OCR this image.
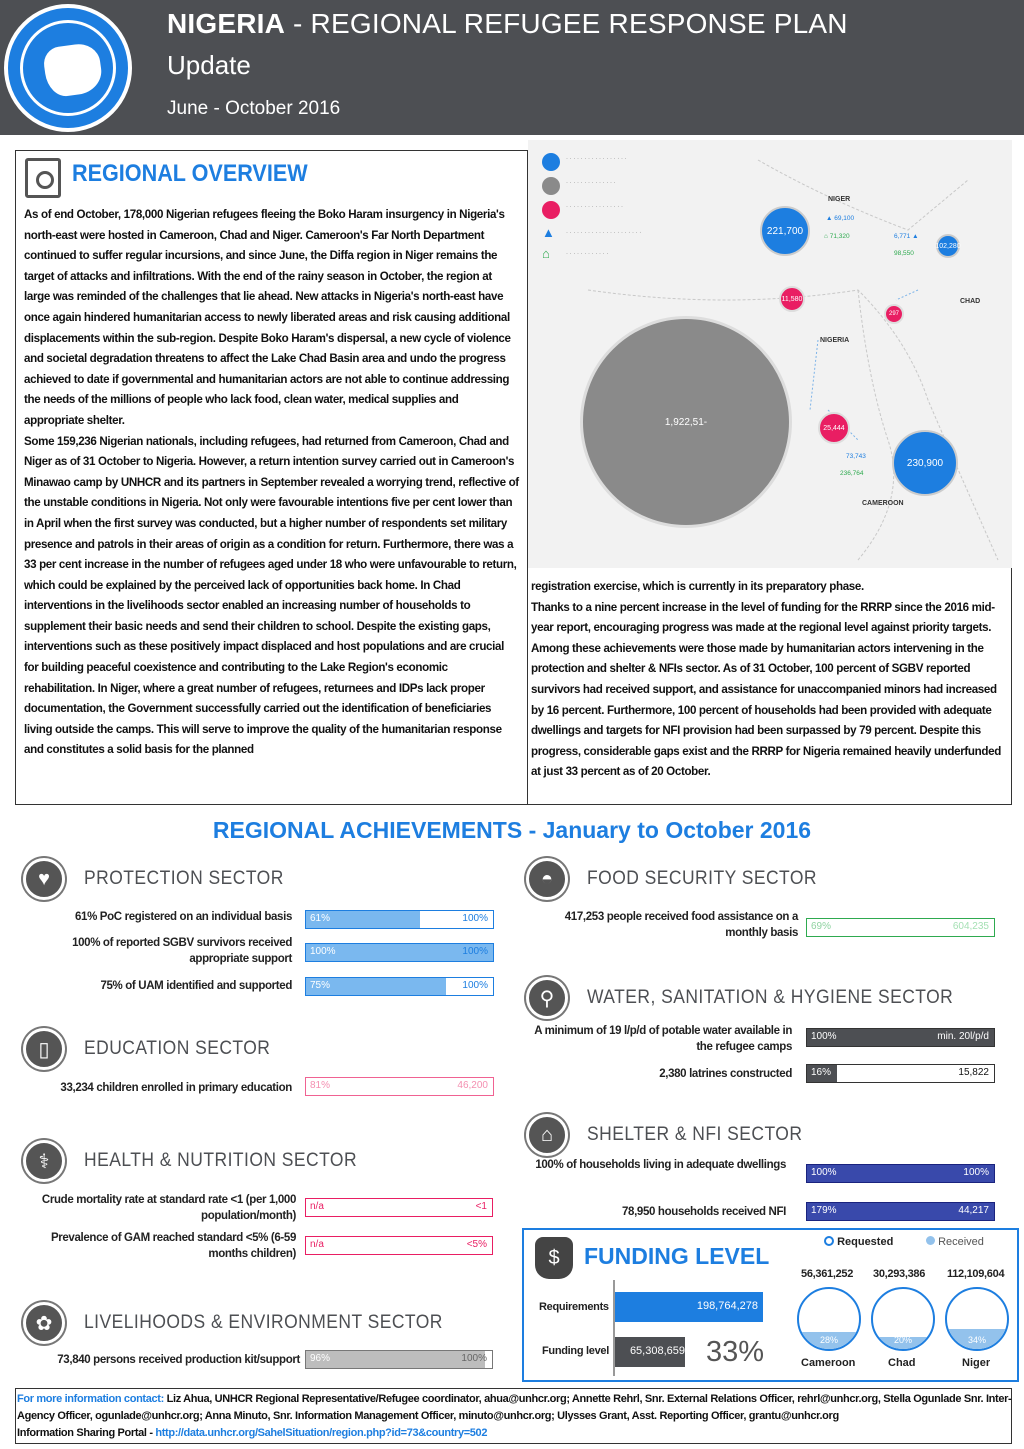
NIGERIA - REGIONAL REFUGEE RESPONSE PLAN
Update
June - October 2016
REGIONAL OVERVIEW
As of end October, 178,000 Nigerian refugees fleeing the Boko Haram insurgency in Nigeria's north-east were hosted in Cameroon, Chad and Niger. Cameroon's Far North Department continued to suffer regular incursions, and since June, the Diffa region in Niger remains the target of attacks and infiltrations. With the end of the rainy season in October, the region at large was reminded of the challenges that lie ahead. New attacks in Nigeria's north-east have once again hindered humanitarian access to newly liberated areas and risk causing additional displacements within the sub-region. Despite Boko Haram's dispersal, a new cycle of violence and societal degradation threatens to affect the Lake Chad Basin area and undo the progress achieved to date if governmental and humanitarian actors are not able to continue addressing the needs of the millions of people who lack food, clean water, medical supplies and appropriate shelter.
Some 159,236 Nigerian nationals, including refugees, had returned from Cameroon, Chad and Niger as of 31 October to Nigeria. However, a return intention survey carried out in Cameroon's Minawao camp by UNHCR and its partners in September revealed a worrying trend, reflective of the unstable conditions in Nigeria. Not only were favourable intentions five per cent lower than in April when the first survey was conducted, but a higher number of respondents set military presence and patrols in their areas of origin as a condition for return. Furthermore, there was a 33 per cent increase in the number of refugees aged under 18 who were unfavourable to return, which could be explained by the perceived lack of opportunities back home. In Chad interventions in the livelihoods sector enabled an increasing number of households to supplement their basic needs and send their children to school. Despite the existing gaps, interventions such as these positively impact displaced and host populations and are crucial for building peaceful coexistence and contributing to the Lake Region's economic rehabilitation. In Niger, where a great number of refugees, returnees and IDPs lack proper documentation, the Government successfully carried out the identification of beneficiaries living outside the camps. This will serve to improve the quality of the humanitarian response and constitutes a solid basis for the planned
registration exercise, which is currently in its preparatory phase.
Thanks to a nine percent increase in the level of funding for the RRRP since the 2016 mid-year report, encouraging progress was made at the regional level against priority targets. Among these achievements were those made by humanitarian actors intervening in the protection and shelter & NFIs sector. As of 31 October, 100 percent of SGBV reported survivors had received support, and assistance for unaccompanied minors had increased by 16 percent. Furthermore, 100 percent of households had been provided with adequate dwellings and targets for NFI provision had been surpassed by 79 percent. Despite this progress, considerable gaps exist and the RRRP for Nigeria remained heavily underfunded at just 33 percent as of 20 October.
· · · · · · · · · · · · · · · · ·
· · · · · · · · · · · · · ·
· · · · · · · · · · · · · · · ·
▲ · · · · · · · · · · · · · · · · · · · · ·
⌂	· · · · · · · · · · · ·
NIGER
CHAD
NIGERIA
CAMEROON
▲ 69,100
⌂ 71,320	6,771 ▲
98,550
73,743
236,764
221,700
102,280
1,922,51-
230,900
11,580
297
25,444
REGIONAL ACHIEVEMENTS - January to October 2016
♥	PROTECTION SECTOR
61% PoC registered on an individual basis 61%	100%
100% of reported SGBV survivors received appropriate support
100%	100%
75% of UAM identified and supported 75%	100%
▯	EDUCATION SECTOR
33,234 children enrolled in primary education 81%	46,200
⚕	HEALTH & NUTRITION SECTOR
Crude mortality rate at standard rate <1 (per 1,000 population/month)
n/a	<1
Prevalence of GAM reached standard <5% (6-59 months children)
n/a	<5%
✿	LIVELIHOODS & ENVIRONMENT SECTOR
73,840 persons received production kit/support 96%	100%
◓	FOOD SECURITY SECTOR
417,253 people received food assistance on a monthly basis
69%	604,235
⚲	WATER, SANITATION & HYGIENE SECTOR
A minimum of 19 l/p/d of potable water available in the refugee camps
100%	min. 20l/p/d
2,380 latrines constructed 16%	15,822
⌂	SHELTER & NFI SECTOR
100% of households living in adequate dwellings
100%	100%
78,950 households received NFI	179%	44,217
$	FUNDING LEVEL
Requirements
Funding level
198,764,278
65,308,659 33%
Requested	Received
56,361,252
28%
Cameroon
30,293,386
20%
Chad
112,109,604
34%
Niger
For more information contact: Liz Ahua, UNHCR Regional Representative/Refugee coordinator, ahua@unhcr.org; Annette Rehrl, Snr. External Relations Officer, rehrl@unhcr.org, Stella Ogunlade Snr. Inter-Agency Officer, ogunlade@unhcr.org; Anna Minuto, Snr. Information Management Officer, minuto@unhcr.org; Ulysses Grant, Asst. Reporting Officer, grantu@unhcr.org
Information Sharing Portal - http://data.unhcr.org/SahelSituation/region.php?id=73&country=502
